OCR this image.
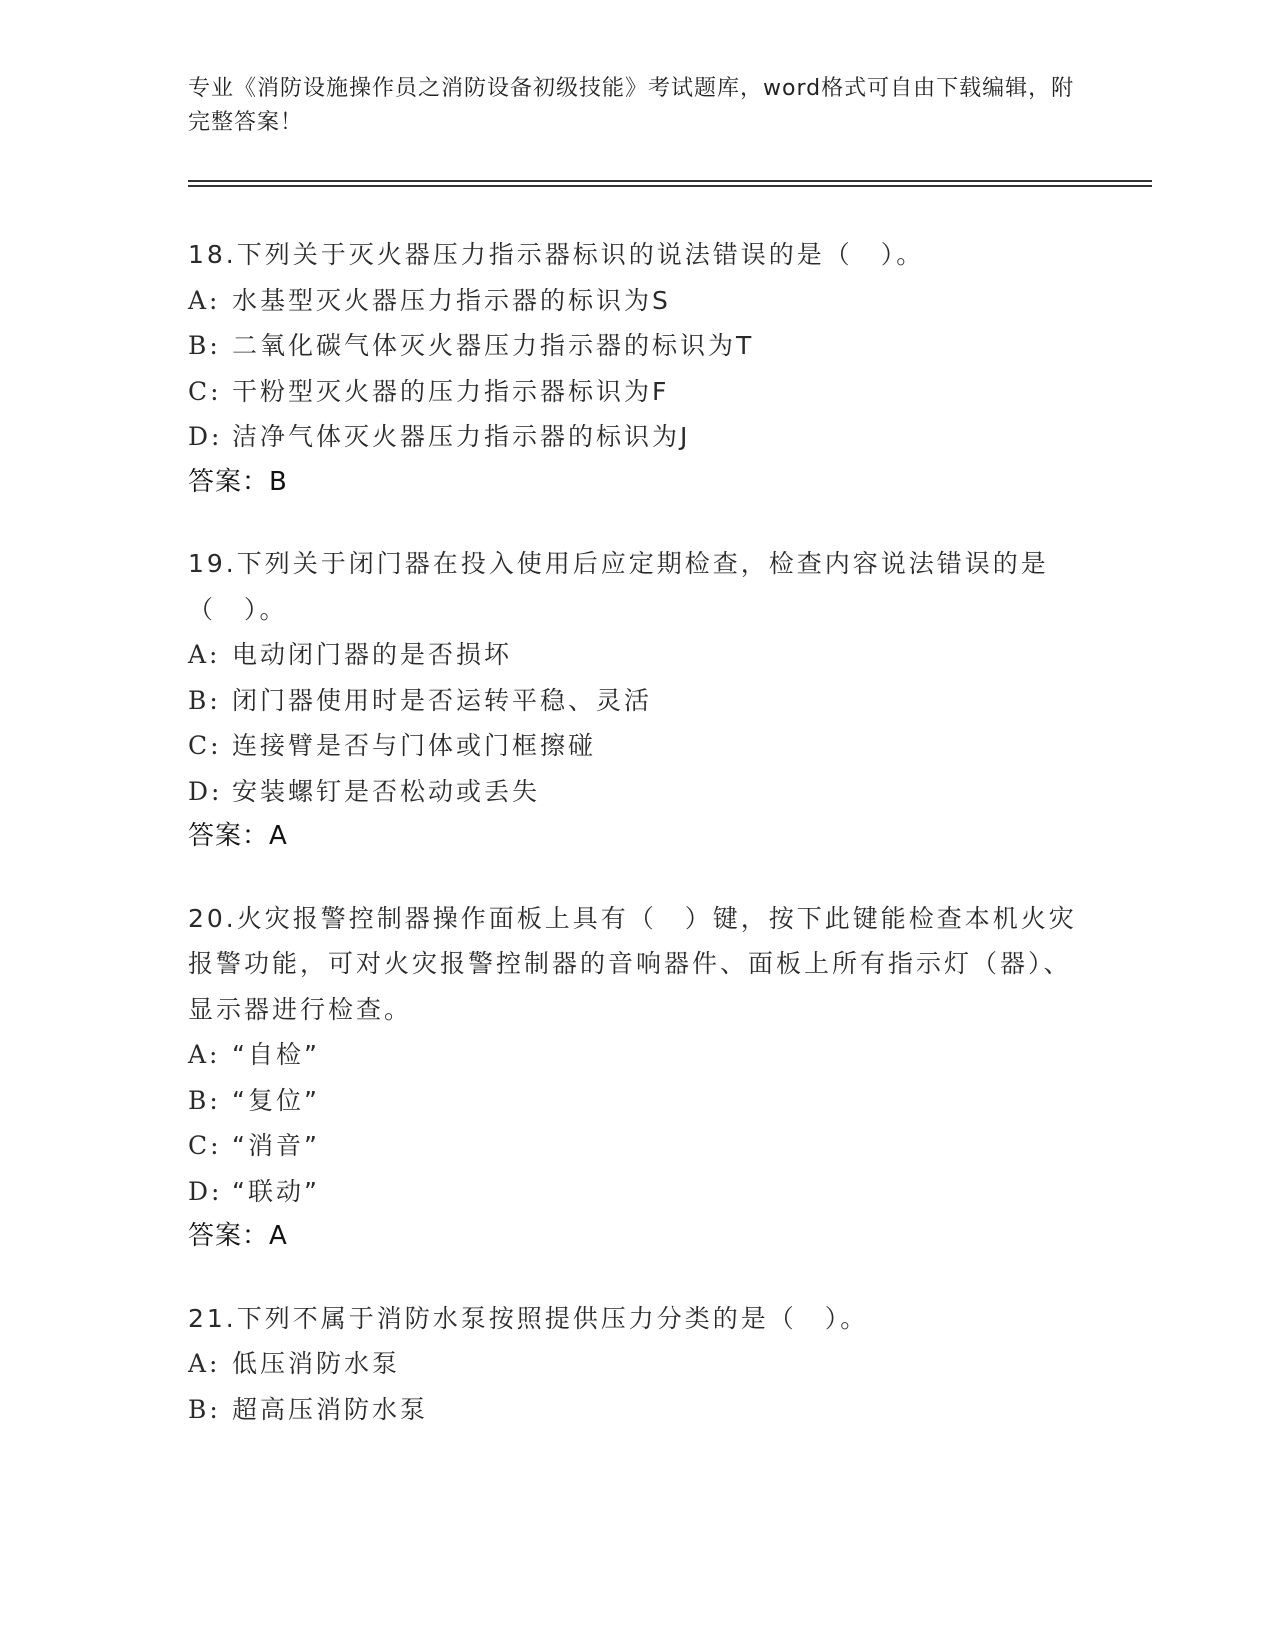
专业《消防设施操作员之消防设备初级技能》考试题库，word格式可自由下载编辑，附完整答案！
18.下列关于灭火器压力指示器标识的说法错误的是（　）。
A: 水基型灭火器压力指示器的标识为S
B: 二氧化碳气体灭火器压力指示器的标识为T
C: 干粉型灭火器的压力指示器标识为F
D: 洁净气体灭火器压力指示器的标识为J
答案：B
19.下列关于闭门器在投入使用后应定期检查，检查内容说法错误的是（　）。
A: 电动闭门器的是否损坏
B: 闭门器使用时是否运转平稳、灵活
C: 连接臂是否与门体或门框擦碰
D: 安装螺钉是否松动或丢失
答案：A
20.火灾报警控制器操作面板上具有（　）键，按下此键能检查本机火灾报警功能，可对火灾报警控制器的音响器件、面板上所有指示灯（器）、显示器进行检查。
A: “自检”
B: “复位”
C: “消音”
D: “联动”
答案：A
21.下列不属于消防水泵按照提供压力分类的是（　）。
A: 低压消防水泵
B: 超高压消防水泵
